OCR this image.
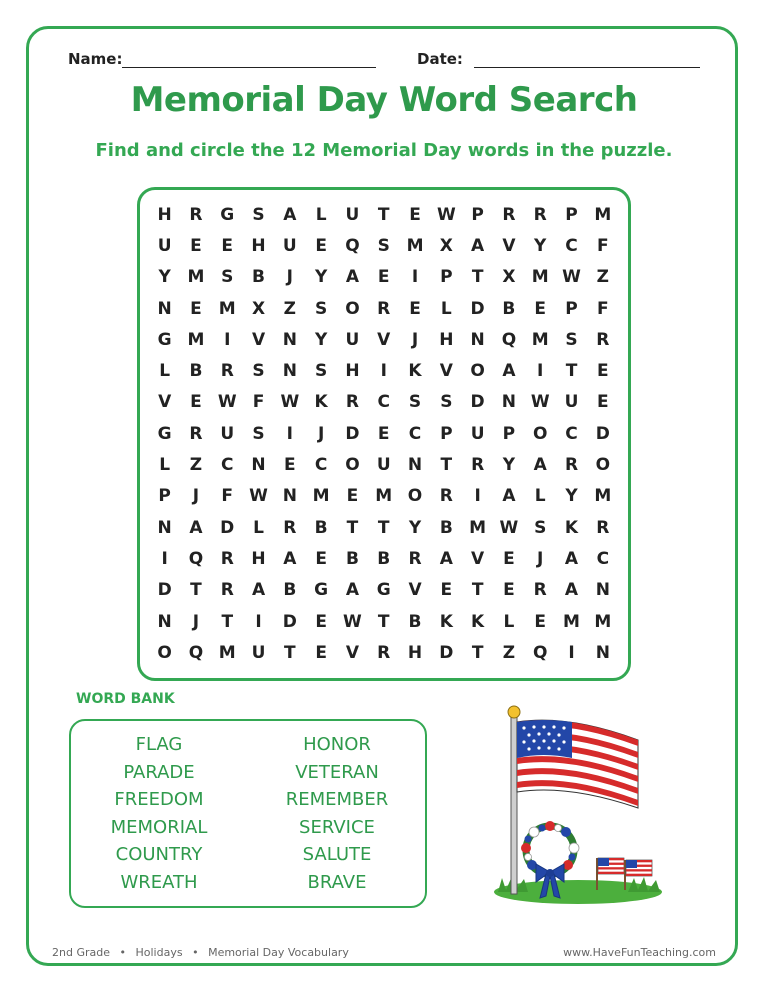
Name:	Date:
Memorial Day Word Search
Find and circle the 12 Memorial Day words in the puzzle.
H	R	G	S	A	L	U	T	E W P	R	R	P M
U	E	E	H	U	E	Q	S M X	A	V	Y	C	F
Y M S	B	J	Y	A	E	I	P	T	X M W Z
N	E	M X	Z	S	O	R	E	L	D	B	E	P	F
G M	I	V	N	Y	U	V	J	H	N Q M S	R
L	B	R	S	N	S	H	I	K	V	O	A	I	T	E
V	E W F W K	R	C	S	S	D	N W U	E
G	R	U	S	I	J	D	E	C	P	U	P	O	C	D
L	Z	C	N	E	C	O	U	N	T	R	Y	A	R	O
P	J	F W N M	E	M O	R	I	A	L	Y M
N	A	D	L	R	B	T	T	Y	B M W S	K	R
I	Q	R	H	A	E	B	B	R	A	V	E	J	A	C
D	T	R	A	B	G	A	G	V	E	T	E	R	A	N
N	J	T	I	D	E W T	B	K	K	L	E	M M
O Q M U	T	E	V	R	H	D	T	Z	Q	I	N
WORD BANK
FLAG
PARADE
FREEDOM
MEMORIAL
COUNTRY
WREATH
HONOR
VETERAN
REMEMBER
SERVICE
SALUTE
BRAVE
2nd Grade • Holidays • Memorial Day Vocabulary	www.HaveFunTeaching.com
